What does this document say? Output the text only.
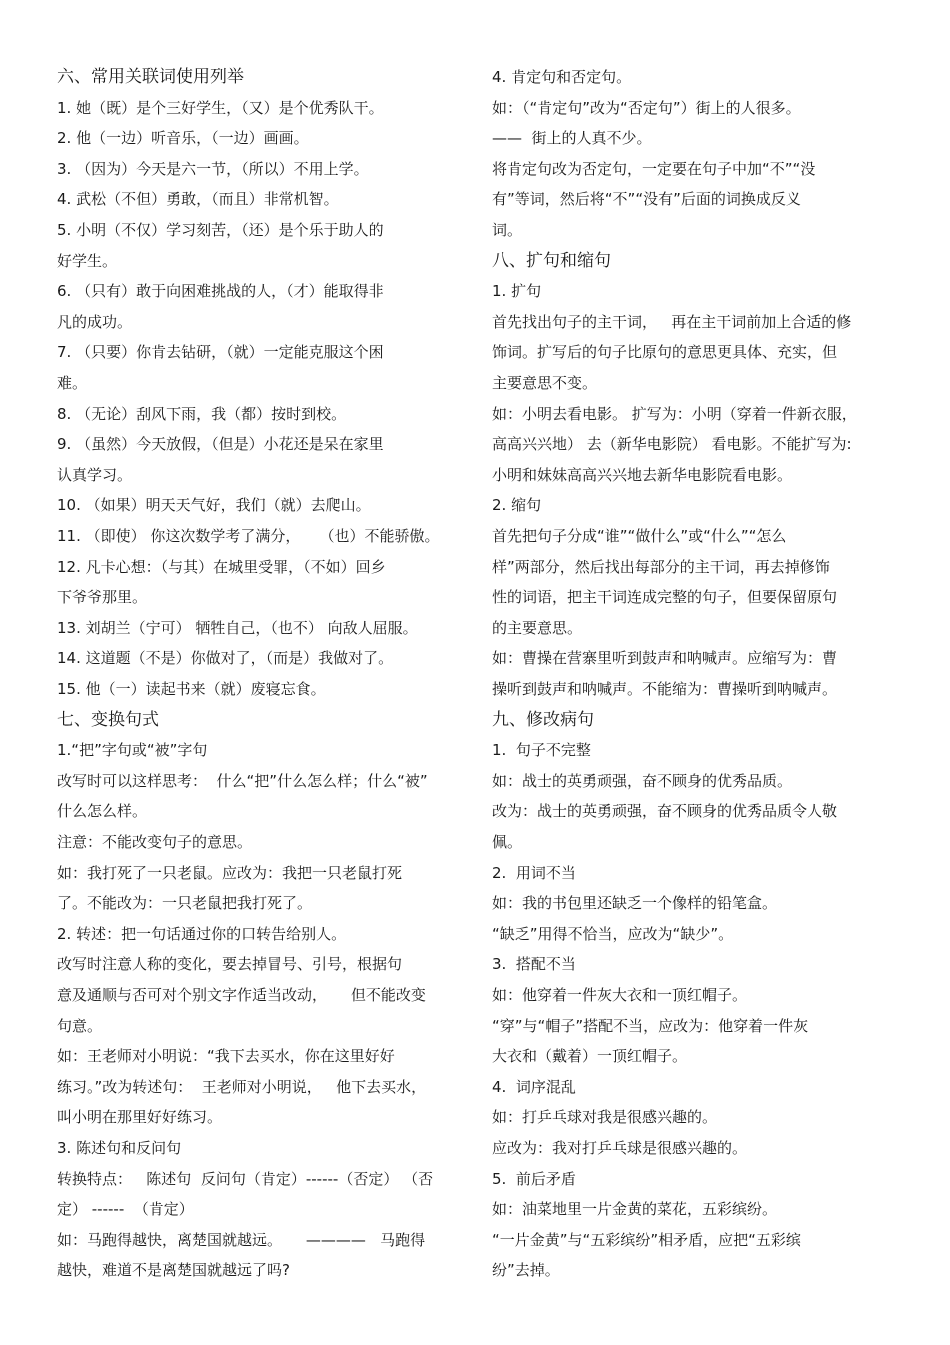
六、常用关联词使用列举
1. 她（既）是个三好学生，（又）是个优秀队干。
2. 他（一边）听音乐，（一边）画画。
3. （因为）今天是六一节，（所以）不用上学。
4. 武松（不但）勇敢，（而且）非常机智。
5. 小明（不仅）学习刻苦，（还）是个乐于助人的
好学生。
6. （只有）敢于向困难挑战的人，（才）能取得非
凡的成功。
7. （只要）你肯去钻研，（就）一定能克服这个困
难。
8. （无论）刮风下雨，我（都）按时到校。
9. （虽然）今天放假，（但是）小花还是呆在家里
认真学习。
10. （如果）明天天气好，我们（就）去爬山。
11. （即使） 你这次数学考了满分，    （也）不能骄傲。
12. 凡卡心想：（与其）在城里受罪，（不如）回乡
下爷爷那里。
13. 刘胡兰（宁可） 牺牲自己，（也不） 向敌人屈服。
14. 这道题（不是）你做对了，（而是）我做对了。
15. 他（一）读起书来（就）废寝忘食。
七、变换句式
1.“把”字句或“被”字句
改写时可以这样思考：  什么“把”什么怎么样；什么“被”
什么怎么样。
注意：不能改变句子的意思。
如：我打死了一只老鼠。应改为：我把一只老鼠打死
了。不能改为：一只老鼠把我打死了。
2. 转述：把一句话通过你的口转告给别人。
改写时注意人称的变化，要去掉冒号、引号，根据句
意及通顺与否可对个别文字作适当改动，     但不能改变
句意。
如：王老师对小明说：“我下去买水，你在这里好好
练习。”改为转述句：  王老师对小明说，   他下去买水，
叫小明在那里好好练习。
3. 陈述句和反问句
转换特点：   陈述句  反问句（肯定）------（否定） （否
定） ------  （肯定）
如：马跑得越快，离楚国就越远。     ————   马跑得
越快，难道不是离楚国就越远了吗?
4. 肯定句和否定句。
如：（“肯定句”改为“否定句”）街上的人很多。
——  街上的人真不少。
将肯定句改为否定句，一定要在句子中加“不”“没
有”等词，然后将“不”“没有”后面的词换成反义
词。
八、扩句和缩句
1. 扩句
首先找出句子的主干词，   再在主干词前加上合适的修
饰词。扩写后的句子比原句的意思更具体、充实，但
主要意思不变。
如：小明去看电影。 扩写为：小明（穿着一件新衣服，
高高兴兴地） 去（新华电影院） 看电影。不能扩写为:
小明和妹妹高高兴兴地去新华电影院看电影。
2. 缩句
首先把句子分成“谁”“做什么”或“什么”“怎么
样”两部分，然后找出每部分的主干词，再去掉修饰
性的词语，把主干词连成完整的句子，但要保留原句
的主要意思。
如：曹操在营寨里听到鼓声和呐喊声。应缩写为：曹
操听到鼓声和呐喊声。不能缩为：曹操听到呐喊声。
九、修改病句
1.  句子不完整
如：战士的英勇顽强，奋不顾身的优秀品质。
改为：战士的英勇顽强，奋不顾身的优秀品质令人敬
佩。
2.  用词不当
如：我的书包里还缺乏一个像样的铅笔盒。
“缺乏”用得不恰当，应改为“缺少”。
3.  搭配不当
如：他穿着一件灰大衣和一顶红帽子。
“穿”与“帽子”搭配不当，应改为：他穿着一件灰
大衣和（戴着）一顶红帽子。
4.  词序混乱
如：打乒乓球对我是很感兴趣的。
应改为：我对打乒乓球是很感兴趣的。
5.  前后矛盾
如：油菜地里一片金黄的菜花，五彩缤纷。
“一片金黄”与“五彩缤纷”相矛盾，应把“五彩缤
纷”去掉。
